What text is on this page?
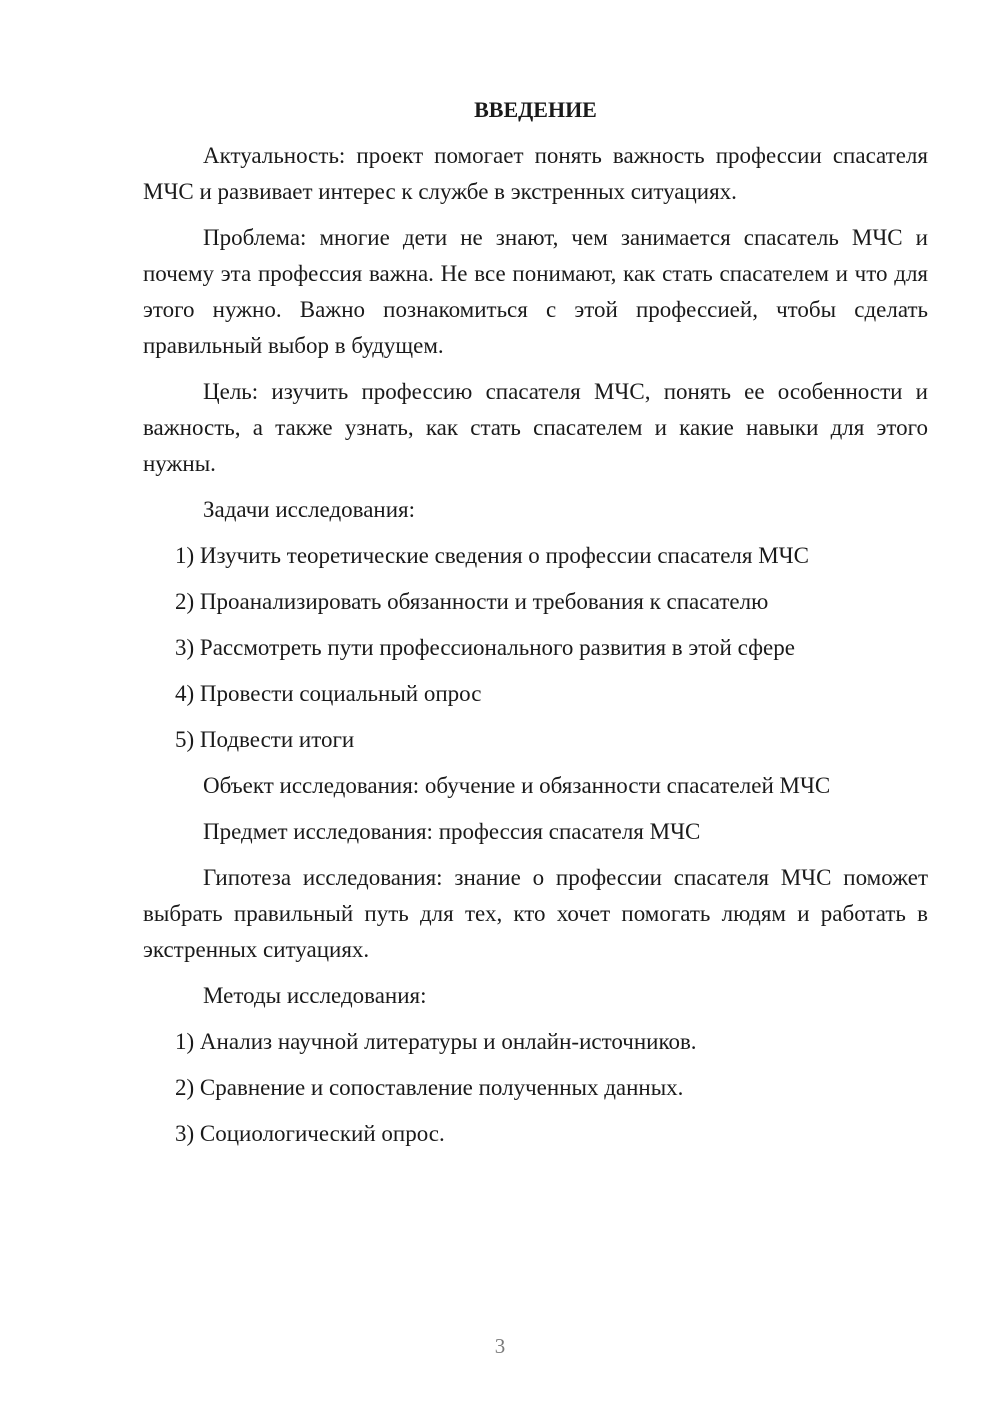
ВВЕДЕНИЕ
Актуальность: проект помогает понять важность профессии спасателя МЧС и развивает интерес к службе в экстренных ситуациях.
Проблема: многие дети не знают, чем занимается спасатель МЧС и почему эта профессия важна. Не все понимают, как стать спасателем и что для этого нужно. Важно познакомиться с этой профессией, чтобы сделать правильный выбор в будущем.
Цель: изучить профессию спасателя МЧС, понять ее особенности и важность, а также узнать, как стать спасателем и какие навыки для этого нужны.
Задачи исследования:
1) Изучить теоретические сведения о профессии спасателя МЧС
2) Проанализировать обязанности и требования к спасателю
3) Рассмотреть пути профессионального развития в этой сфере
4) Провести социальный опрос
5) Подвести итоги
Объект исследования: обучение и обязанности спасателей МЧС
Предмет исследования: профессия спасателя МЧС
Гипотеза исследования: знание о профессии спасателя МЧС поможет выбрать правильный путь для тех, кто хочет помогать людям и работать в экстренных ситуациях.
Методы исследования:
1) Анализ научной литературы и онлайн-источников.
2) Сравнение и сопоставление полученных данных.
3) Социологический опрос.
3
